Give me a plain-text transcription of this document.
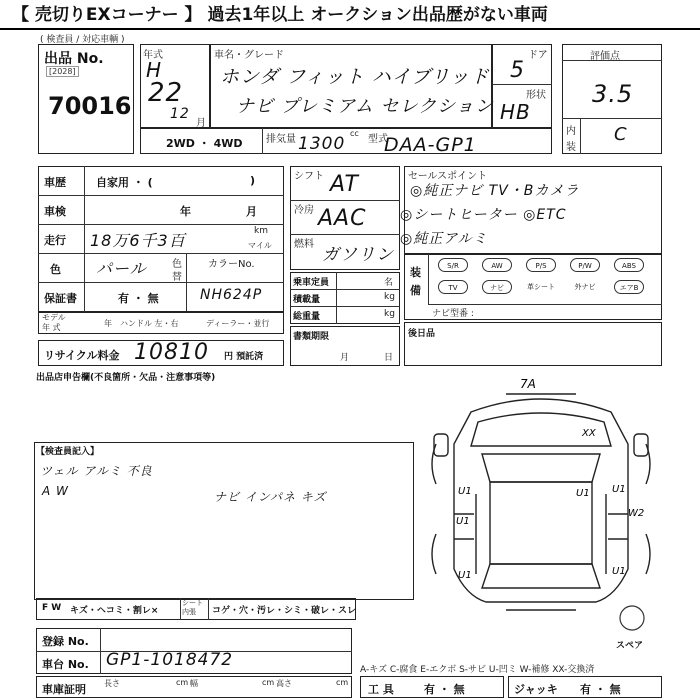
【 売切りEXコーナー 】 過去1年以上 オークション出品歴がない車両
( 検査員 / 対応車輌 )
出品 No.
[2028]
70016
年式
H
22
12
月
車名・グレード
ホンダ フィット ハイブリッド
ナビ プレミアム セレクション
ドア
5
形状
HB
評価点
3.5
内
装
C
2WD ・ 4WD 排気量 1300
cc
型式
DAA-GP1
車歴	自家用 ・ (	)
車検	年	月
走行 18万6千3百	km
マイル
色 パール	色
替
カラーNo.
NH624P
保証書	有 ・ 無
モデル
年 式	年 ハンドル 左・右	ディーラー・並行
リサイクル料金 10810 円 預託済
シフト AT
冷房 AAC
燃料
ガソリン
乗車定員	名
積載量	kg
総重量	kg
書類期限
月	日
セールスポイント
◎純正ナビ TV・Bカメラ
◎シートヒーター ◎ETC
◎純正アルミ
装
備
S/R	AW	P/S	P/W	ABS
TV	ナビ	革シート	外ナビ	エアB
ナビ型番 :
後日品
出品店申告欄(不良箇所・欠品・注意事項等)
【検査員記入】
ツェル アルミ 不良
A W	ナビ インパネ キズ
7A
XX
U1
U1
U1
U1
U1	U1
W2
スペア
F W キズ・ヘコミ・割レ×
シート 内張	コゲ・穴・汚レ・シミ・破レ・スレ
登録 No.
車台 No. GP1-1018472	A-キズ C-腐食 E-エクボ S-サビ U-凹ミ W-補修 XX-交換済
車庫証明 長さ	cm 幅	cm 高さ	cm
工 具	有 ・ 無	ジャッキ 有 ・ 無
